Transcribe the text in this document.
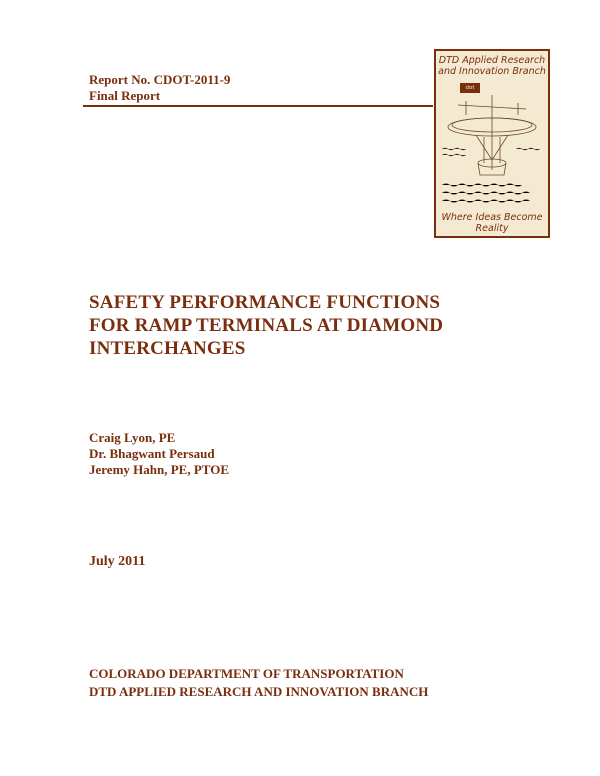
Report No. CDOT-2011-9
Final Report
DTD Applied Research
and Innovation Branch
dot
Where Ideas Become
Reality
SAFETY PERFORMANCE FUNCTIONS
FOR RAMP TERMINALS AT DIAMOND
INTERCHANGES
Craig Lyon, PE
Dr. Bhagwant Persaud
Jeremy Hahn, PE, PTOE
July 2011
COLORADO DEPARTMENT OF TRANSPORTATION
DTD APPLIED RESEARCH AND INNOVATION BRANCH
